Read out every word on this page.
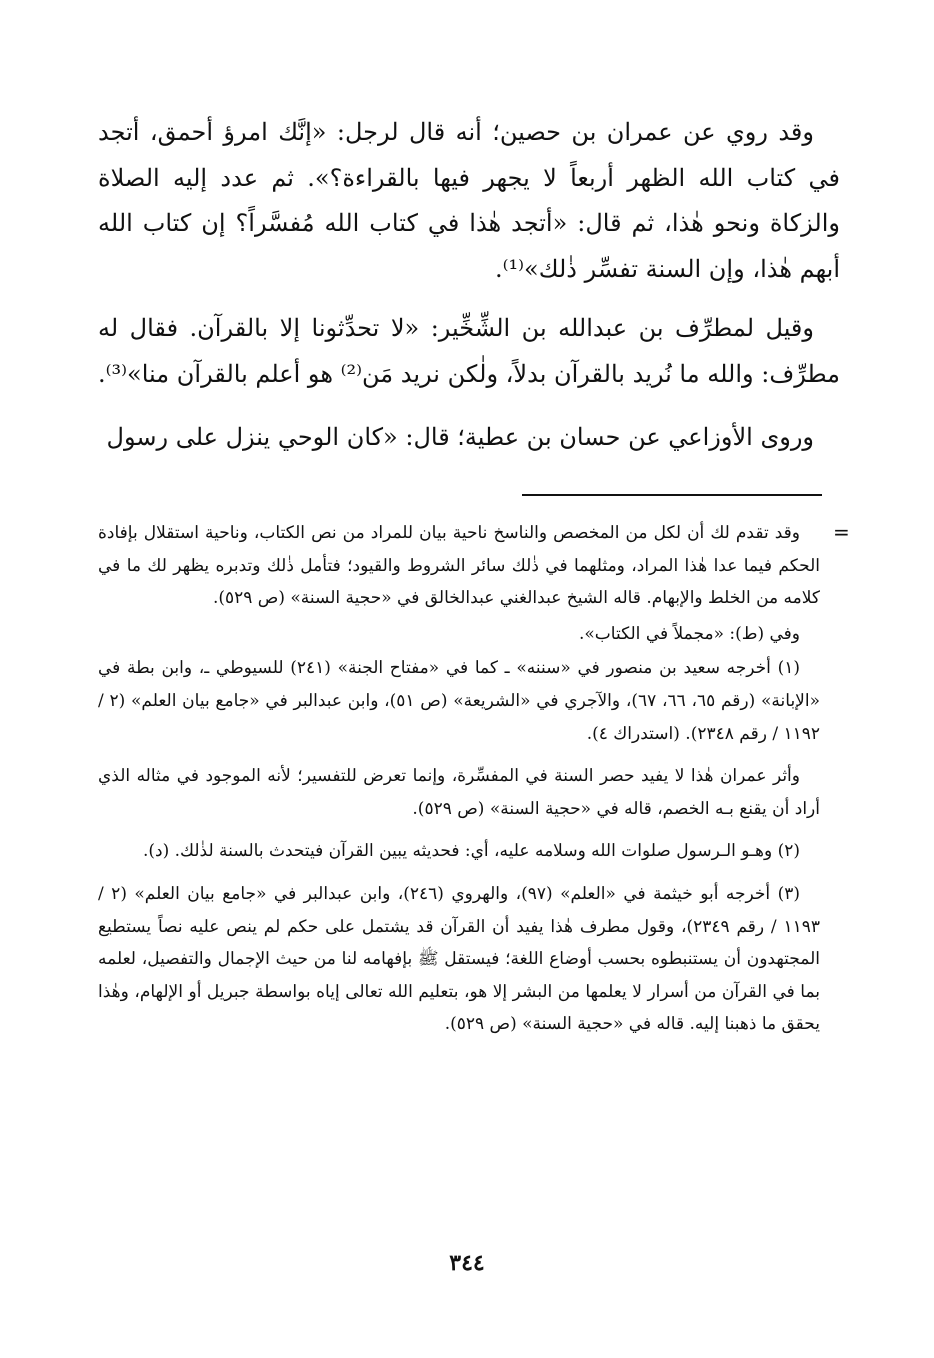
وقد روي عن عمران بن حصين؛ أنه قال لرجل: «إنَّك امرؤ أحمق، أتجد في كتاب الله الظهر أربعاً لا يجهر فيها بالقراءة؟». ثم عدد إليه الصلاة والزكاة ونحو هٰذا، ثم قال: «أتجد هٰذا في كتاب الله مُفسَّراً؟ إن كتاب الله أبهم هٰذا، وإن السنة تفسِّر ذٰلك»⁽¹⁾.

وقيل لمطرِّف بن عبدالله بن الشِّخِّير: «لا تحدِّثونا إلا بالقرآن. فقال له مطرِّف: والله ما نُريد بالقرآن بدلاً، ولٰكن نريد مَن⁽²⁾ هو أعلم بالقرآن منا»⁽³⁾.

وروى الأوزاعي عن حسان بن عطية؛ قال: «كان الوحي ينزل على رسول

=

وقد تقدم لك أن لكل من المخصص والناسخ ناحية بيان للمراد من نص الكتاب، وناحية استقلال بإفادة الحكم فيما عدا هٰذا المراد، ومثلهما في ذٰلك سائر الشروط والقيود؛ فتأمل ذٰلك وتدبره يظهر لك ما في كلامه من الخلط والإبهام. قاله الشيخ عبدالغني عبدالخالق في «حجية السنة» (ص ٥٢٩).

وفي (ط): «مجملاً في الكتاب».

(١) أخرجه سعيد بن منصور في «سننه» ـ كما في «مفتاح الجنة» (٢٤١) للسيوطي ـ، وابن بطة في «الإبانة» (رقم ٦٥، ٦٦، ٦٧)، والآجري في «الشريعة» (ص ٥١)، وابن عبدالبر في «جامع بيان العلم» (٢ / ١١٩٢ / رقم ٢٣٤٨). (استدراك ٤).

وأثر عمران هٰذا لا يفيد حصر السنة في المفسِّرة، وإنما تعرض للتفسير؛ لأنه الموجود في مثاله الذي أراد أن يقنع بـه الخصم، قاله في «حجية السنة» (ص ٥٢٩).

(٢) وهـو الـرسول صلوات الله وسلامه عليه، أي: فحديثه يبين القرآن فيتحدث بالسنة لذٰلك. (د).

(٣) أخرجه أبو خيثمة في «العلم» (٩٧)، والهروي (٢٤٦)، وابن عبدالبر في «جامع بيان العلم» (٢ / ١١٩٣ / رقم ٢٣٤٩)، وقول مطرف هٰذا يفيد أن القرآن قد يشتمل على حكم لم ينص عليه نصاً يستطيع المجتهدون أن يستنبطوه بحسب أوضاع اللغة؛ فيستقل ﷺ بإفهامه لنا من حيث الإجمال والتفصيل، لعلمه بما في القرآن من أسرار لا يعلمها من البشر إلا هو، بتعليم الله تعالى إياه بواسطة جبريل أو الإلهام، وهٰذا يحقق ما ذهبنا إليه. قاله في «حجية السنة» (ص ٥٢٩).

٣٤٤
